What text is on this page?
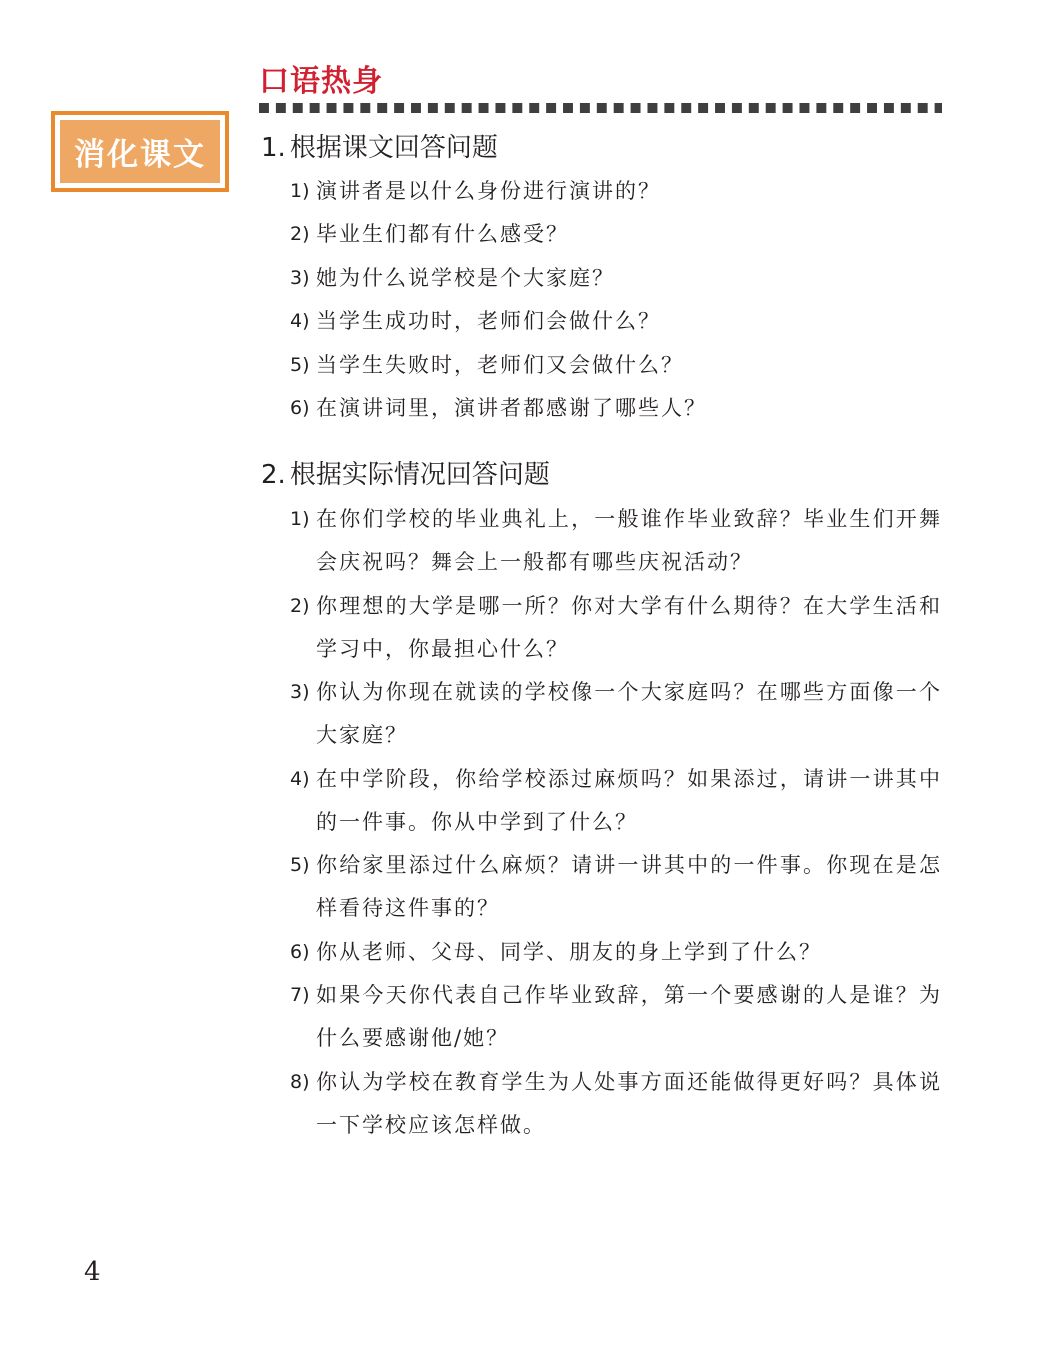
口语热身
消化课文	1. 根据课文回答问题
1) 演讲者是以什么身份进行演讲的？
2) 毕业生们都有什么感受？
3) 她为什么说学校是个大家庭？
4) 当学生成功时，老师们会做什么？
5) 当学生失败时，老师们又会做什么？
6) 在演讲词里，演讲者都感谢了哪些人？
2. 根据实际情况回答问题
1) 在你们学校的毕业典礼上，一般谁作毕业致辞？毕业生们开舞会庆祝吗？舞会上一般都有哪些庆祝活动？
2) 你理想的大学是哪一所？你对大学有什么期待？在大学生活和学习中，你最担心什么？
3) 你认为你现在就读的学校像一个大家庭吗？在哪些方面像一个大家庭？
4) 在中学阶段，你给学校添过麻烦吗？如果添过，请讲一讲其中的一件事。你从中学到了什么？
5) 你给家里添过什么麻烦？请讲一讲其中的一件事。你现在是怎样看待这件事的？
6) 你从老师、父母、同学、朋友的身上学到了什么？
7) 如果今天你代表自己作毕业致辞，第一个要感谢的人是谁？为什么要感谢他/她？
8) 你认为学校在教育学生为人处事方面还能做得更好吗？具体说一下学校应该怎样做。
4
